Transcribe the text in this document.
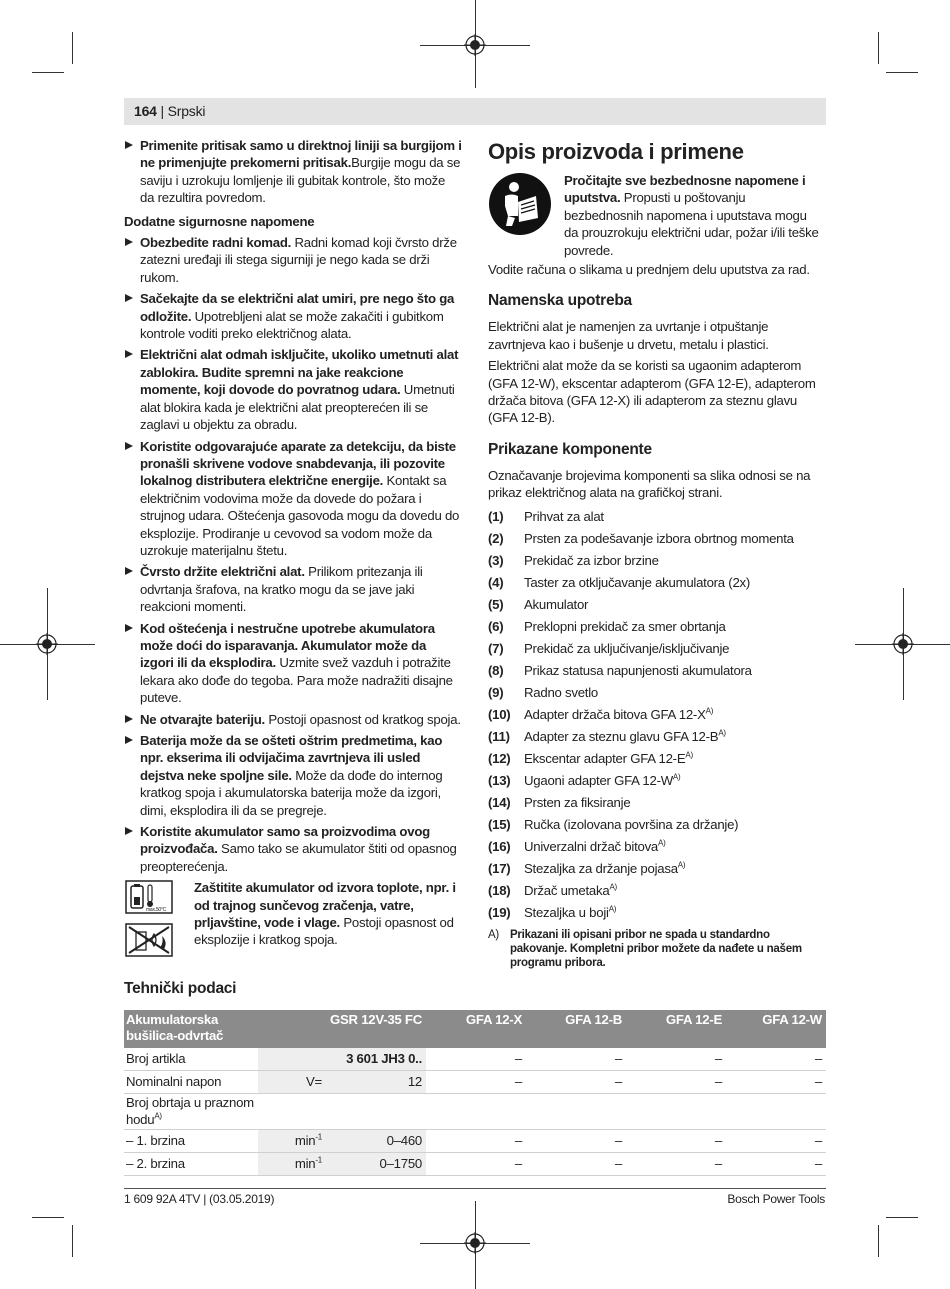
164 | Srpski
Primenite pritisak samo u direktnoj liniji sa burgijom i ne primenjujte prekomerni pritisak.Burgije mogu da se saviju i uzrokuju lomljenje ili gubitak kontrole, što može da rezultira povredom.
Dodatne sigurnosne napomene
Obezbedite radni komad. Radni komad koji čvrsto drže zatezni uređaji ili stega sigurniji je nego kada se drži rukom.
Sačekajte da se električni alat umiri, pre nego što ga odložite. Upotrebljeni alat se može zakačiti i gubitkom kontrole voditi preko električnog alata.
Električni alat odmah isključite, ukoliko umetnuti alat zablokira. Budite spremni na jake reakcione momente, koji dovode do povratnog udara. Umetnuti alat blokira kada je električni alat preopterećen ili se zaglavi u objektu za obradu.
Koristite odgovarajuće aparate za detekciju, da biste pronašli skrivene vodove snabdevanja, ili pozovite lokalnog distributera električne energije. Kontakt sa električnim vodovima može da dovede do požara i strujnog udara. Oštećenja gasovoda mogu da dovedu do eksplozije. Prodiranje u cevovod sa vodom može da uzrokuje materijalnu štetu.
Čvrsto držite električni alat. Prilikom pritezanja ili odvrtanja šrafova, na kratko mogu da se jave jaki reakcioni momenti.
Kod oštećenja i nestručne upotrebe akumulatora može doći do isparavanja. Akumulator može da izgori ili da eksplodira. Uzmite svež vazduh i potražite lekara ako dođe do tegoba. Para može nadražiti disajne puteve.
Ne otvarajte bateriju. Postoji opasnost od kratkog spoja.
Baterija može da se ošteti oštrim predmetima, kao npr. ekserima ili odvijačima zavrtnjeva ili usled dejstva neke spoljne sile. Može da dođe do internog kratkog spoja i akumulatorska baterija može da izgori, dimi, eksplodira ili da se pregreje.
Koristite akumulator samo sa proizvodima ovog proizvođača. Samo tako se akumulator štiti od opasnog preopterećenja.
max.50°C

Zaštitite akumulator od izvora toplote, npr. i od trajnog sunčevog zračenja, vatre, prljavštine, vode i vlage. Postoji opasnost od eksplozije i kratkog spoja.
Opis proizvoda i primene
Pročitajte sve bezbednosne napomene i uputstva. Propusti u poštovanju bezbednosnih napomena i uputstava mogu da prouzrokuju električni udar, požar i/ili teške povrede.
Vodite računa o slikama u prednjem delu uputstva za rad.
Namenska upotreba
Električni alat je namenjen za uvrtanje i otpuštanje zavrtnjeva kao i bušenje u drvetu, metalu i plastici.
Električni alat može da se koristi sa ugaonim adapterom (GFA 12-W), ekscentar adapterom (GFA 12-E), adapterom držača bitova (GFA 12-X) ili adapterom za steznu glavu (GFA 12-B).
Prikazane komponente
Označavanje brojevima komponenti sa slika odnosi se na prikaz električnog alata na grafičkoj strani.
(1)	Prihvat za alat
(2)	Prsten za podešavanje izbora obrtnog momenta
(3)	Prekidač za izbor brzine
(4)	Taster za otključavanje akumulatora (2x)
(5)	Akumulator
(6)	Preklopni prekidač za smer obrtanja
(7)	Prekidač za uključivanje/isključivanje
(8)	Prikaz statusa napunjenosti akumulatora
(9)	Radno svetlo
(10)	Adapter držača bitova GFA $12-X^{A)}$
(11)	Adapter za steznu glavu GFA $12-B^{A)}$
(12)	Ekscentar adapter GFA $12-E^{A)}$
(13)	Ugaoni adapter GFA $12-W^{A)}$
(14)	Prsten za fiksiranje
(15)	Ručka (izolovana površina za držanje)
(16)	Univerzalni držač bitova$^{A)}$
(17)	Stezaljka za držanje pojasa$^{A)}$
(18)	Držač umetaka$^{A)}$
(19)	Stezaljka u boji$^{A)}$
A) Prikazani ili opisani pribor ne spada u standardno pakovanje. Kompletni pribor možete da nađete u našem programu pribora.
Tehnički podaci
Akumulatorska bušilica-odvrtač		GSR 12V-35 FC	GFA 12-X	GFA 12-B	GFA 12-E	GFA 12-W
Broj artikla		3 601 JH3 0..	–	–	–	–
Nominalni napon	V=	12	–	–	–	–
Broj obrtaja u praznom hodu$^{A)}$						
– 1. brzina	$\min^{-1}$	0–460	–	–	–	–
– 2. brzina	$\min^{-1}$	0–1750	–	–	–	–
1 609 92A 4TV | (03.05.2019)	Bosch Power Tools
